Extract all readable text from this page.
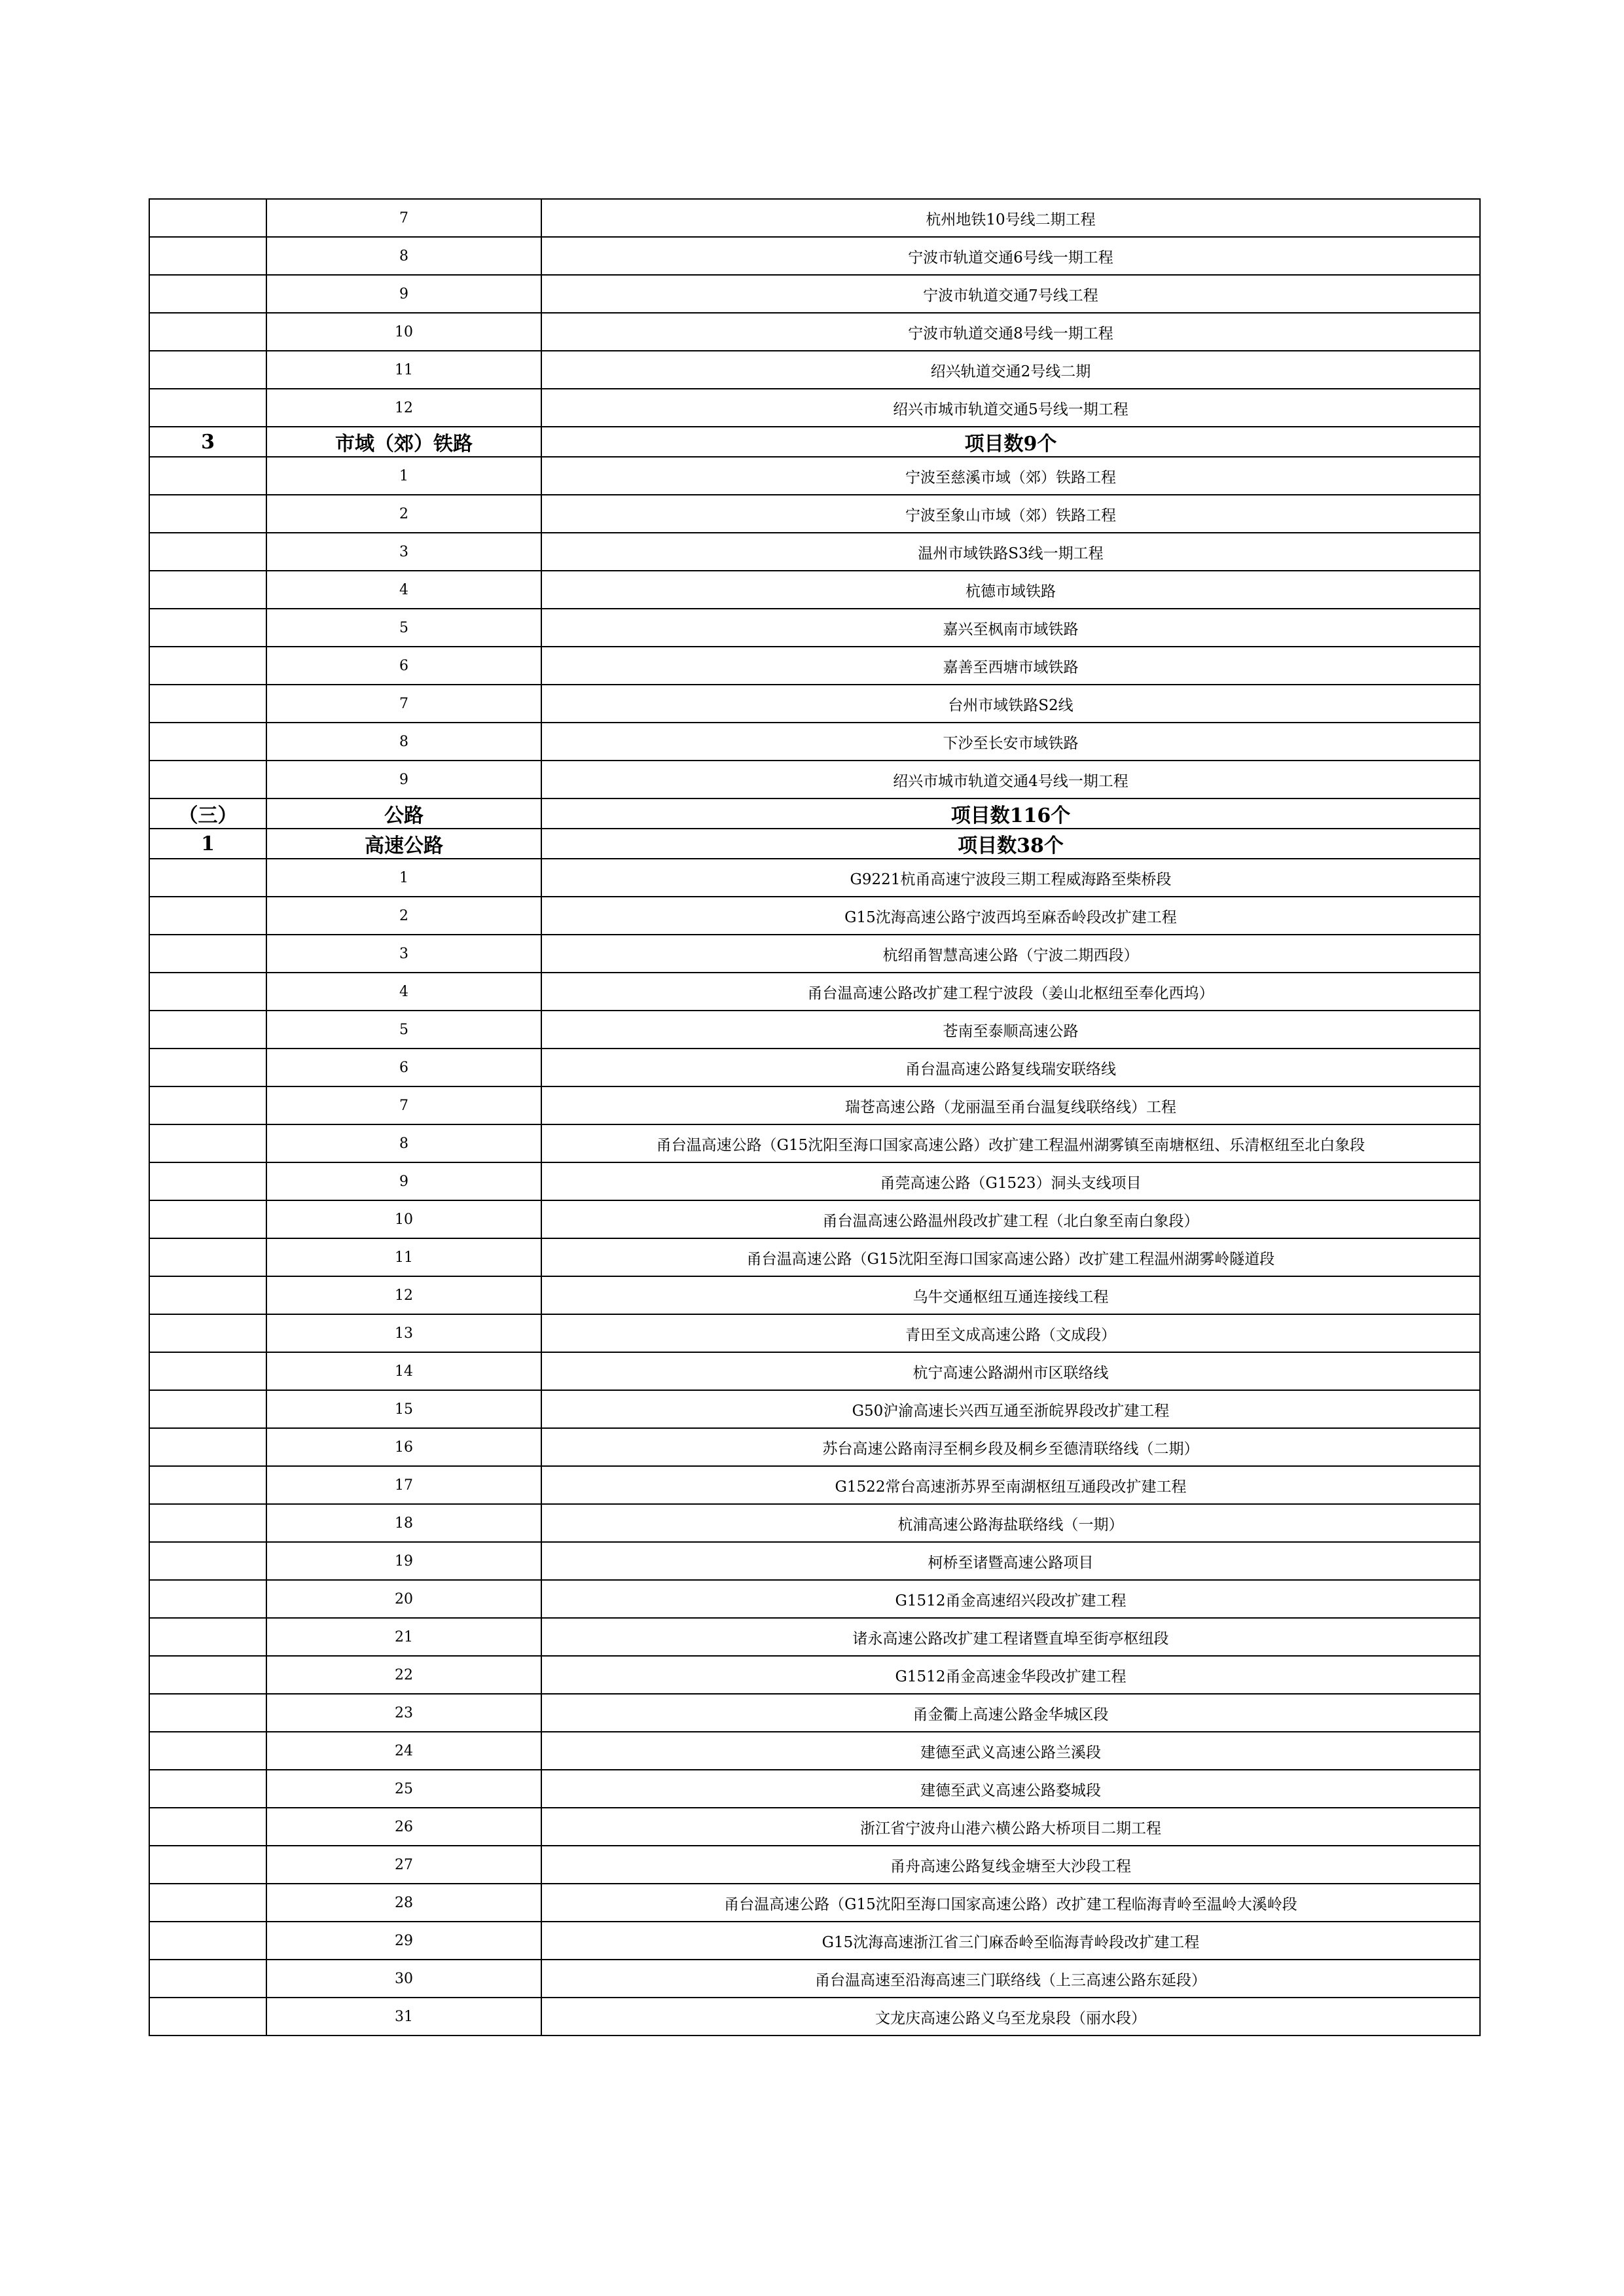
	7	杭州地铁10号线二期工程
	8	宁波市轨道交通6号线一期工程
	9	宁波市轨道交通7号线工程
	10	宁波市轨道交通8号线一期工程
	11	绍兴轨道交通2号线二期
	12	绍兴市城市轨道交通5号线一期工程
3	市域（郊）铁路	项目数9个
	1	宁波至慈溪市域（郊）铁路工程
	2	宁波至象山市域（郊）铁路工程
	3	温州市域铁路S3线一期工程
	4	杭德市域铁路
	5	嘉兴至枫南市域铁路
	6	嘉善至西塘市域铁路
	7	台州市域铁路S2线
	8	下沙至长安市域铁路
	9	绍兴市城市轨道交通4号线一期工程
（三）	公路	项目数116个
1	高速公路	项目数38个
	1	G9221杭甬高速宁波段三期工程威海路至柴桥段
	2	G15沈海高速公路宁波西坞至麻岙岭段改扩建工程
	3	杭绍甬智慧高速公路（宁波二期西段）
	4	甬台温高速公路改扩建工程宁波段（姜山北枢纽至奉化西坞）
	5	苍南至泰顺高速公路
	6	甬台温高速公路复线瑞安联络线
	7	瑞苍高速公路（龙丽温至甬台温复线联络线）工程
	8	甬台温高速公路（G15沈阳至海口国家高速公路）改扩建工程温州湖雾镇至南塘枢纽、乐清枢纽至北白象段
	9	甬莞高速公路（G1523）洞头支线项目
	10	甬台温高速公路温州段改扩建工程（北白象至南白象段）
	11	甬台温高速公路（G15沈阳至海口国家高速公路）改扩建工程温州湖雾岭隧道段
	12	乌牛交通枢纽互通连接线工程
	13	青田至文成高速公路（文成段）
	14	杭宁高速公路湖州市区联络线
	15	G50沪渝高速长兴西互通至浙皖界段改扩建工程
	16	苏台高速公路南浔至桐乡段及桐乡至德清联络线（二期）
	17	G1522常台高速浙苏界至南湖枢纽互通段改扩建工程
	18	杭浦高速公路海盐联络线（一期）
	19	柯桥至诸暨高速公路项目
	20	G1512甬金高速绍兴段改扩建工程
	21	诸永高速公路改扩建工程诸暨直埠至街亭枢纽段
	22	G1512甬金高速金华段改扩建工程
	23	甬金衢上高速公路金华城区段
	24	建德至武义高速公路兰溪段
	25	建德至武义高速公路婺城段
	26	浙江省宁波舟山港六横公路大桥项目二期工程
	27	甬舟高速公路复线金塘至大沙段工程
	28	甬台温高速公路（G15沈阳至海口国家高速公路）改扩建工程临海青岭至温岭大溪岭段
	29	G15沈海高速浙江省三门麻岙岭至临海青岭段改扩建工程
	30	甬台温高速至沿海高速三门联络线（上三高速公路东延段）
	31	文龙庆高速公路义乌至龙泉段（丽水段）
